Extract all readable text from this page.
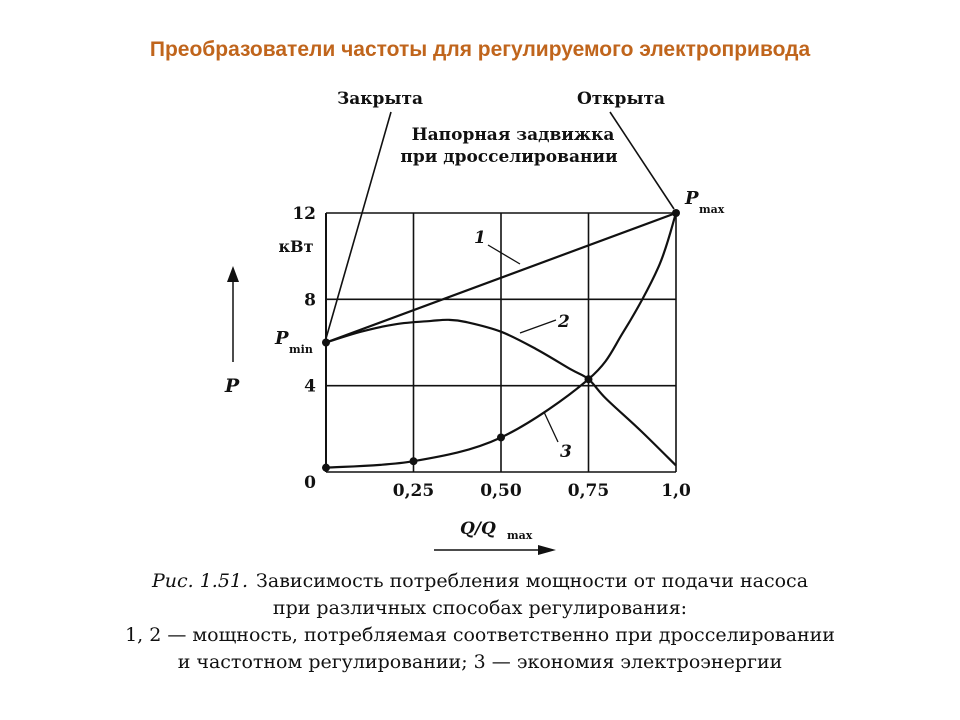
Преобразователи частоты для регулируемого электропривода
0,25	0,50	0,75	1,0
0
4
8
12
кВт
P
Q/Q max
1
2
3
Закрыта	Открыта
Напорная задвижка
при дросселировании
P
max
P
min
Рис. 1.51. Зависимость потребления мощности от подачи насоса
при различных способах регулирования:
1, 2 — мощность, потребляемая соответственно при дросселировании
и частотном регулировании; 3 — экономия электроэнергии
